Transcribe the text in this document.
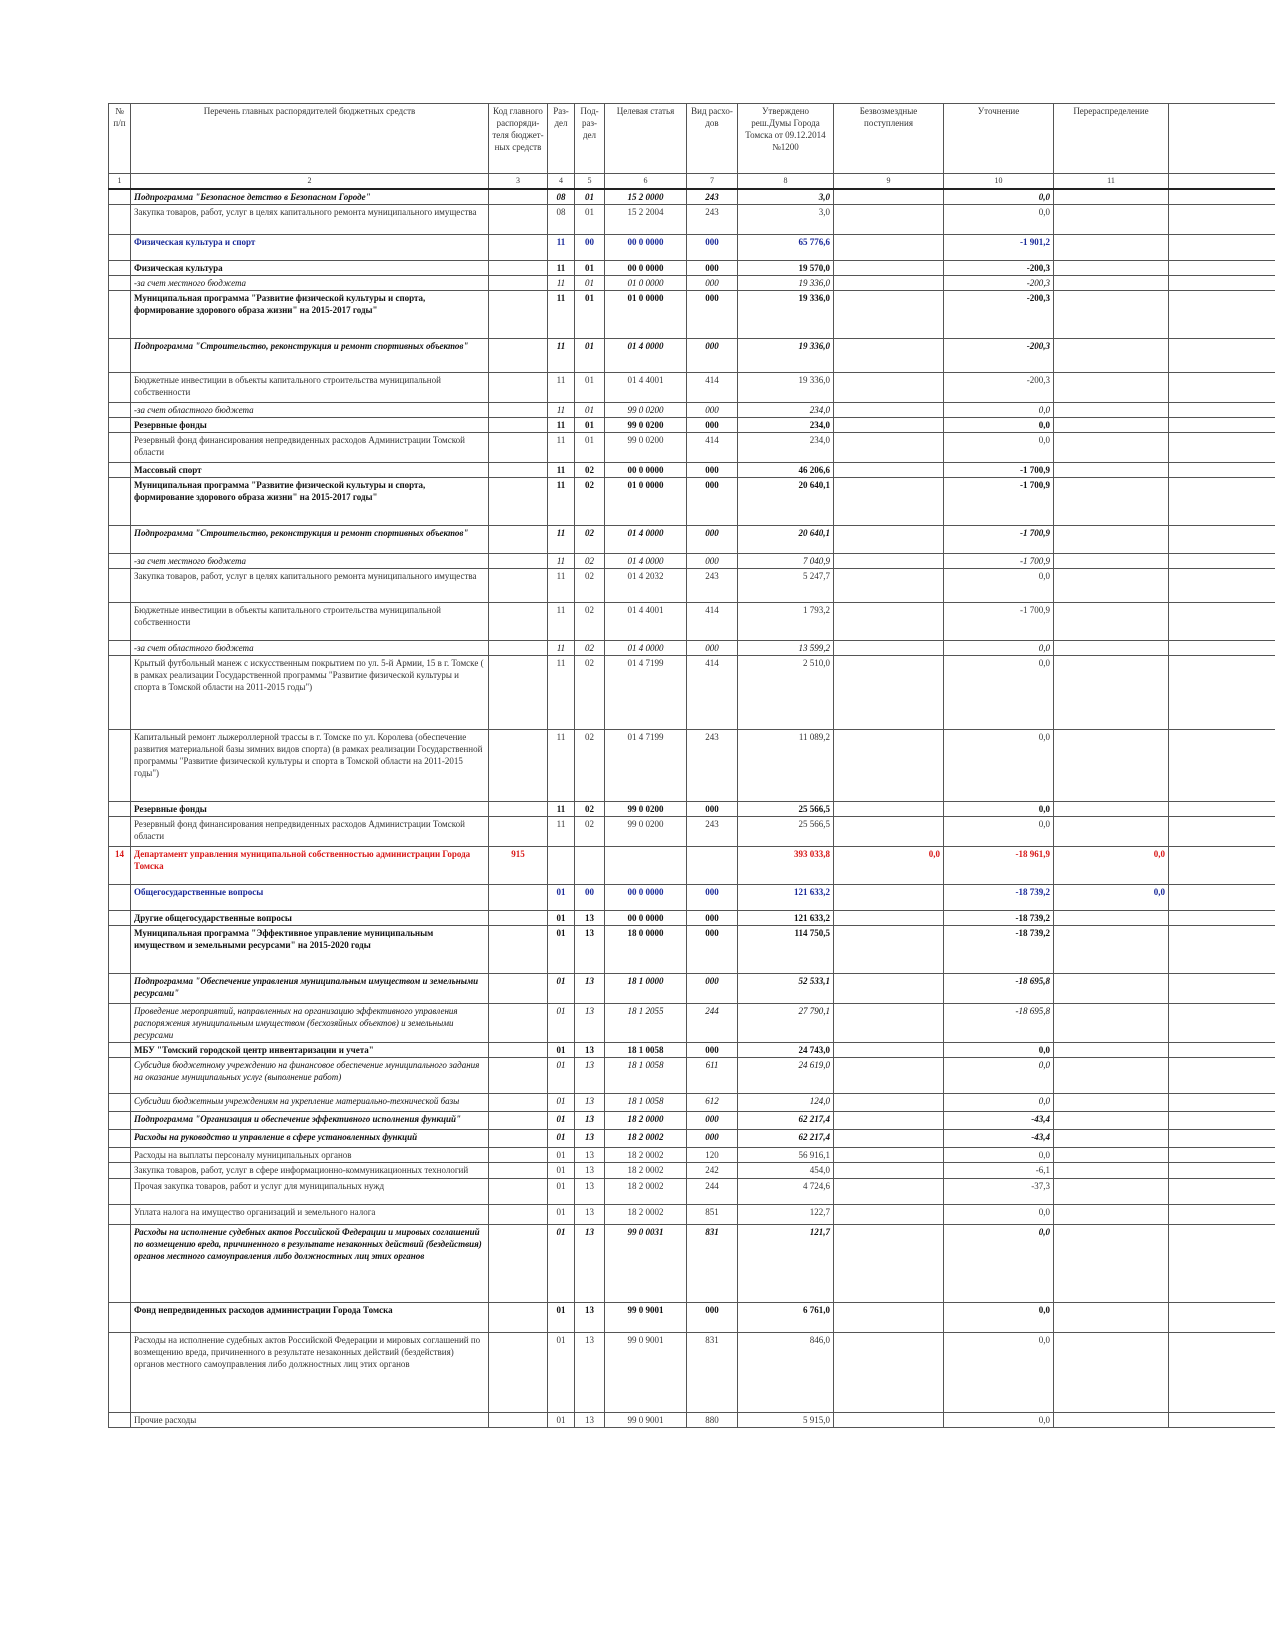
№ п/п	Перечень главных распорядителей бюджетных средств	Код главного распоряди-теля бюджет-ных средств	Раз-дел	Под-раз-дел	Целевая статья	Вид расхо-дов	Утверждено реш.Думы Города Томска от 09.12.2014 №1200	Безвозмездные поступления	Уточнение	Перераспределение	
1	2	3	4	5	6	7	8	9	10	11	
	Подпрограмма "Безопасное детство в Безопасном Городе"		08	01	15 2 0000	243	3,0		0,0		
	Закупка товаров, работ, услуг в целях капитального ремонта муниципального имущества		08	01	15 2 2004	243	3,0		0,0		
	Физическая культура и спорт		11	00	00 0 0000	000	65 776,6		-1 901,2		
	Физическая культура		11	01	00 0 0000	000	19 570,0		-200,3		
	-за счет местного бюджета		11	01	01 0 0000	000	19 336,0		-200,3		
	Муниципальная программа "Развитие физической культуры и спорта, формирование здорового образа жизни" на 2015-2017 годы"		11	01	01 0 0000	000	19 336,0		-200,3		
	Подпрограмма "Строительство, реконструкция и ремонт спортивных объектов"		11	01	01 4 0000	000	19 336,0		-200,3		
	Бюджетные инвестиции в объекты капитального строительства муниципальной собственности		11	01	01 4 4001	414	19 336,0		-200,3		
	-за счет областного бюджета		11	01	99 0 0200	000	234,0		0,0		
	Резервные фонды		11	01	99 0 0200	000	234,0		0,0		
	Резервный фонд финансирования непредвиденных расходов Администрации Томской области		11	01	99 0 0200	414	234,0		0,0		
	Массовый спорт		11	02	00 0 0000	000	46 206,6		-1 700,9		
	Муниципальная программа "Развитие физической культуры и спорта, формирование здорового образа жизни" на 2015-2017 годы"		11	02	01 0 0000	000	20 640,1		-1 700,9		
	Подпрограмма "Строительство, реконструкция и ремонт спортивных объектов"		11	02	01 4 0000	000	20 640,1		-1 700,9		
	-за счет местного бюджета		11	02	01 4 0000	000	7 040,9		-1 700,9		
	Закупка товаров, работ, услуг в целях капитального ремонта муниципального имущества		11	02	01 4 2032	243	5 247,7		0,0		
	Бюджетные инвестиции в объекты капитального строительства муниципальной собственности		11	02	01 4 4001	414	1 793,2		-1 700,9		
	-за счет областного бюджета		11	02	01 4 0000	000	13 599,2		0,0		
	Крытый футбольный манеж с искусственным покрытием по ул. 5-й Армии, 15 в г. Томске ( в рамках реализации Государственной программы "Развитие физической культуры и спорта в Томской области на 2011-2015 годы")		11	02	01 4 7199	414	2 510,0		0,0		
	Капитальный ремонт лыжероллерной трассы в г. Томске по ул. Королева (обеспечение развития материальной базы зимних видов спорта) (в рамках реализации Государственной программы "Развитие физической культуры и спорта в Томской области на 2011-2015 годы")		11	02	01 4 7199	243	11 089,2		0,0		
	Резервные фонды		11	02	99 0 0200	000	25 566,5		0,0		
	Резервный фонд финансирования непредвиденных расходов Администрации Томской области		11	02	99 0 0200	243	25 566,5		0,0		
14	Департамент управления муниципальной собственностью администрации Города Томска	915					393 033,8	0,0	-18 961,9	0,0	
	Общегосударственные вопросы		01	00	00 0 0000	000	121 633,2		-18 739,2	0,0	
	Другие общегосударственные вопросы		01	13	00 0 0000	000	121 633,2		-18 739,2		
	Муниципальная программа "Эффективное управление муниципальным имуществом и земельными ресурсами" на 2015-2020 годы		01	13	18 0 0000	000	114 750,5		-18 739,2		
	Подпрограмма "Обеспечение управления муниципальным имуществом и земельными ресурсами"		01	13	18 1 0000	000	52 533,1		-18 695,8		
	Проведение мероприятий, направленных на организацию эффективного управления распоряжения муниципальным имуществом (бесхозяйных объектов) и земельными ресурсами		01	13	18 1 2055	244	27 790,1		-18 695,8		
	МБУ "Томский городской центр инвентаризации и учета"		01	13	18 1 0058	000	24 743,0		0,0		
	Субсидия бюджетному учреждению на финансовое обеспечение муниципального задания на оказание муниципальных услуг (выполнение работ)		01	13	18 1 0058	611	24 619,0		0,0		
	Субсидии бюджетным учреждениям на укрепление материально-технической базы		01	13	18 1 0058	612	124,0		0,0		
	Подпрограмма "Организация и обеспечение эффективного исполнения функций"		01	13	18 2 0000	000	62 217,4		-43,4		
	Расходы на руководство и управление в сфере установленных функций		01	13	18 2 0002	000	62 217,4		-43,4		
	Расходы на выплаты персоналу муниципальных органов		01	13	18 2 0002	120	56 916,1		0,0		
	Закупка товаров, работ, услуг в сфере информационно-коммуникационных технологий		01	13	18 2 0002	242	454,0		-6,1		
	Прочая закупка товаров, работ и услуг для муниципальных нужд		01	13	18 2 0002	244	4 724,6		-37,3		
	Уплата налога на имущество организаций и земельного налога		01	13	18 2 0002	851	122,7		0,0		
	Расходы на исполнение судебных актов Российской Федерации и мировых соглашений по возмещению вреда, причиненного в результате незаконных действий (бездействия) органов местного самоуправления либо должностных лиц этих органов		01	13	99 0 0031	831	121,7		0,0		
	Фонд непредвиденных расходов администрации Города Томска		01	13	99 0 9001	000	6 761,0		0,0		
	Расходы на исполнение судебных актов Российской Федерации и мировых соглашений по возмещению вреда, причиненного в результате незаконных действий (бездействия) органов местного самоуправления либо должностных лиц этих органов		01	13	99 0 9001	831	846,0		0,0		
	Прочие расходы		01	13	99 0 9001	880	5 915,0		0,0		
